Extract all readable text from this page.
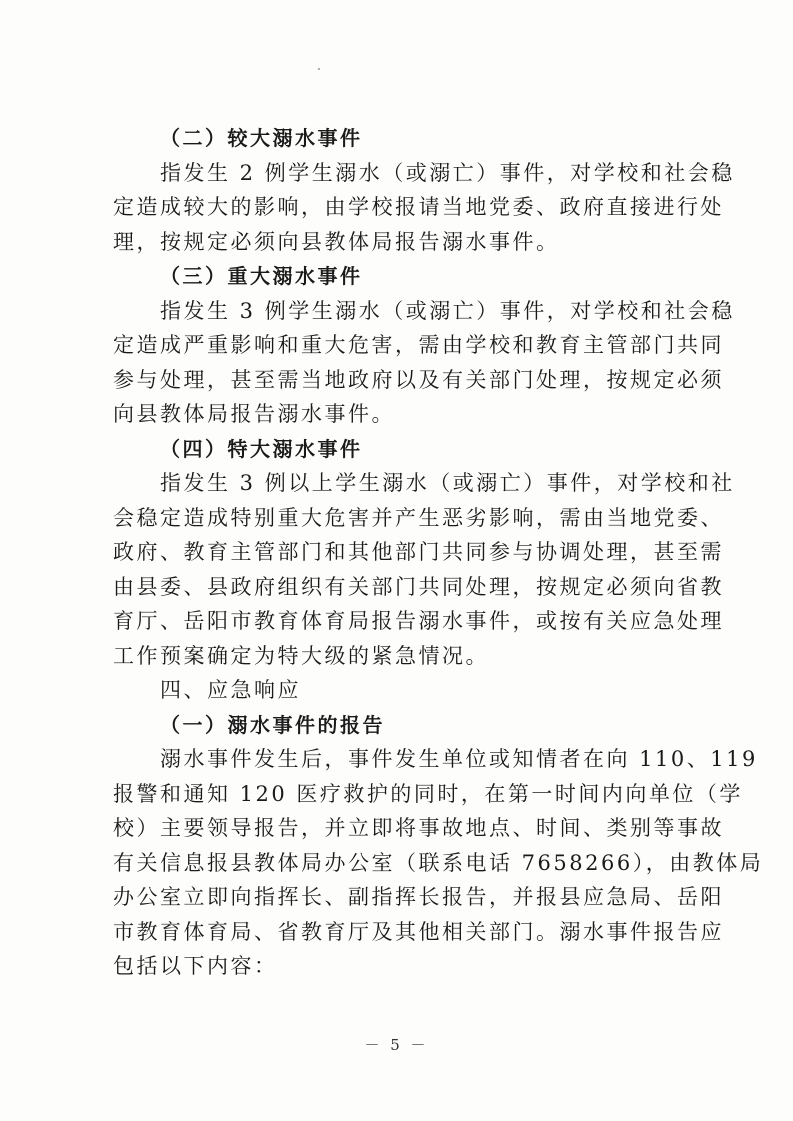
（二）较大溺水事件
指发生 2 例学生溺水（或溺亡）事件，对学校和社会稳
定造成较大的影响，由学校报请当地党委、政府直接进行处
理，按规定必须向县教体局报告溺水事件。
（三）重大溺水事件
指发生 3 例学生溺水（或溺亡）事件，对学校和社会稳
定造成严重影响和重大危害，需由学校和教育主管部门共同
参与处理，甚至需当地政府以及有关部门处理，按规定必须
向县教体局报告溺水事件。
（四）特大溺水事件
指发生 3 例以上学生溺水（或溺亡）事件，对学校和社
会稳定造成特别重大危害并产生恶劣影响，需由当地党委、
政府、教育主管部门和其他部门共同参与协调处理，甚至需
由县委、县政府组织有关部门共同处理，按规定必须向省教
育厅、岳阳市教育体育局报告溺水事件，或按有关应急处理
工作预案确定为特大级的紧急情况。
四、应急响应
（一）溺水事件的报告
溺水事件发生后，事件发生单位或知情者在向 110、119
报警和通知 120 医疗救护的同时，在第一时间内向单位（学
校）主要领导报告，并立即将事故地点、时间、类别等事故
有关信息报县教体局办公室（联系电话 7658266），由教体局
办公室立即向指挥长、副指挥长报告，并报县应急局、岳阳
市教育体育局、省教育厅及其他相关部门。溺水事件报告应
包括以下内容：
－ 5 －
